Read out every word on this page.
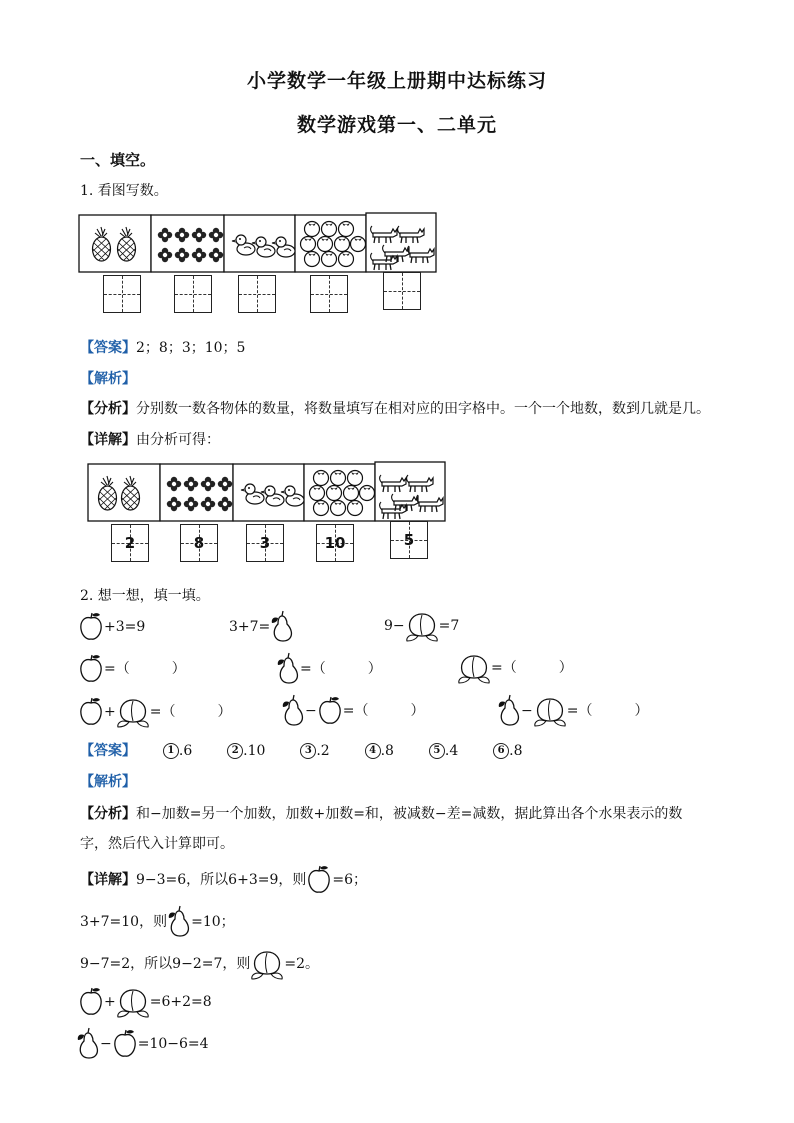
小学数学一年级上册期中达标练习
数学游戏第一、二单元
一、填空。
1. 看图写数。
【答案】2；8；3；10；5
【解析】
【分析】分别数一数各物体的数量，将数量填写在相对应的田字格中。一个一个地数，数到几就是几。
【详解】由分析可得：
2	8	3	10	5
2. 想一想，填一填。
+3=9	3+7=	9− =7
=（　　　）	=（　　　）	=（　　　）
+ =（　　　）	− =（　　　）	− =（　　　）
【答案】	1 .6	2 .10	3 .2	4 .8	5 .4	6 .8
【解析】
【分析】和−加数=另一个加数，加数+加数=和，被减数−差=减数，据此算出各个水果表示的数
字，然后代入计算即可。
【详解】9−3=6，所以6+3=9，则 =6；
3+7=10，则 =10；
9−7=2，所以9−2=7，则 =2。
+ =6+2=8
− =10−6=4
